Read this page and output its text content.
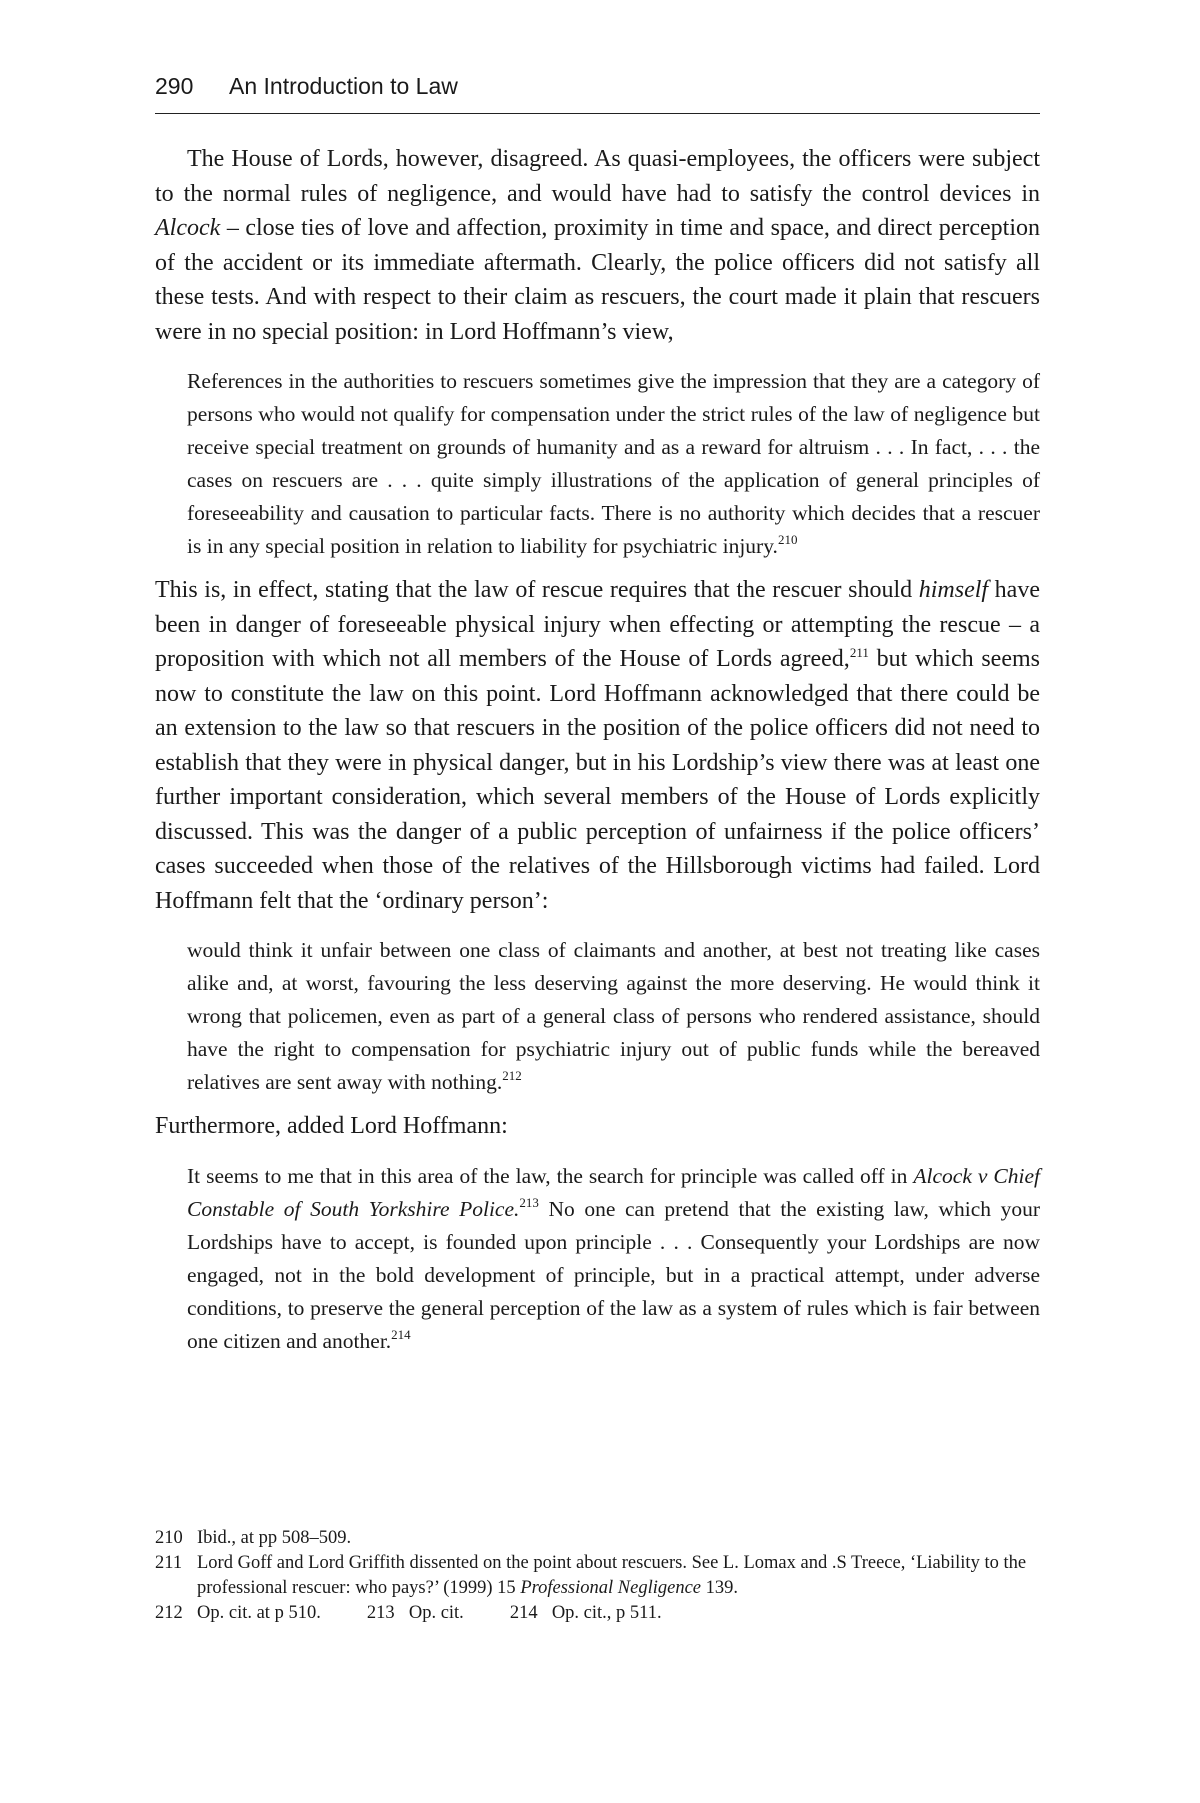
290 An Introduction to Law

The House of Lords, however, disagreed. As quasi-employees, the officers were subject to the normal rules of negligence, and would have had to satisfy the control devices in Alcock – close ties of love and affection, proximity in time and space, and direct perception of the accident or its immediate aftermath. Clearly, the police officers did not satisfy all these tests. And with respect to their claim as rescuers, the court made it plain that rescuers were in no special position: in Lord Hoffmann’s view,

References in the authorities to rescuers sometimes give the impression that they are a category of persons who would not qualify for compensation under the strict rules of the law of negligence but receive special treatment on grounds of humanity and as a reward for altruism . . . In fact, . . . the cases on rescuers are . . . quite simply illustrations of the application of general principles of foreseeability and causation to particular facts. There is no authority which decides that a rescuer is in any special position in relation to liability for psychiatric injury.$^{210}$

This is, in effect, stating that the law of rescue requires that the rescuer should himself have been in danger of foreseeable physical injury when effecting or attempting the rescue – a proposition with which not all members of the House of Lords agreed,$^{211}$ but which seems now to constitute the law on this point. Lord Hoffmann acknowledged that there could be an extension to the law so that rescuers in the position of the police officers did not need to establish that they were in physical danger, but in his Lordship’s view there was at least one further important consideration, which several members of the House of Lords explicitly discussed. This was the danger of a public perception of unfairness if the police officers’ cases succeeded when those of the relatives of the Hillsborough victims had failed. Lord Hoffmann felt that the ‘ordinary person’:

would think it unfair between one class of claimants and another, at best not treating like cases alike and, at worst, favouring the less deserving against the more deserving. He would think it wrong that policemen, even as part of a general class of persons who rendered assistance, should have the right to compensation for psychiatric injury out of public funds while the bereaved relatives are sent away with nothing.$^{212}$

Furthermore, added Lord Hoffmann:

It seems to me that in this area of the law, the search for principle was called off in Alcock v Chief Constable of South Yorkshire Police.$^{213}$ No one can pretend that the existing law, which your Lordships have to accept, is founded upon principle . . . Consequently your Lordships are now engaged, not in the bold development of principle, but in a practical attempt, under adverse conditions, to preserve the general perception of the law as a system of rules which is fair between one citizen and another.$^{214}$

210 Ibid., at pp 508–509.
211 Lord Goff and Lord Griffith dissented on the point about rescuers. See L. Lomax and .S Treece, ‘Liability to the professional rescuer: who pays?’ (1999) 15 Professional Negligence 139.
212 Op. cit. at p 510. 213 Op. cit. 214 Op. cit., p 511.
